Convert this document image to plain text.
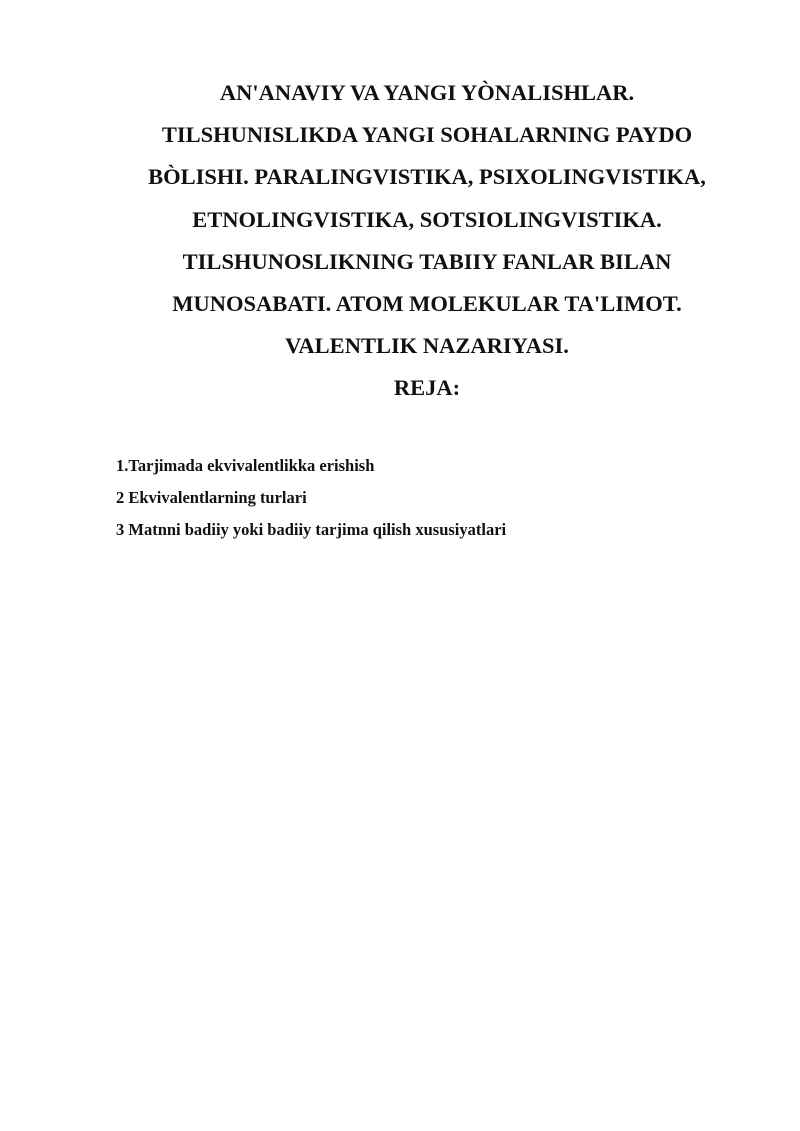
AN'ANAVIY VA YANGI YÒNALISHLAR.
TILSHUNISLIKDA YANGI SOHALARNING PAYDO
BÒLISHI. PARALINGVISTIKA, PSIXOLINGVISTIKA,
ETNOLINGVISTIKA, SOTSIOLINGVISTIKA.
TILSHUNOSLIKNING TABIIY FANLAR BILAN
MUNOSABATI. ATOM MOLEKULAR TA'LIMOT.
VALENTLIK NAZARIYASI.
REJA:
1.Tarjimada ekvivalentlikka erishish
2 Ekvivalentlarning turlari
3 Matnni badiiy yoki badiiy tarjima qilish xususiyatlari
